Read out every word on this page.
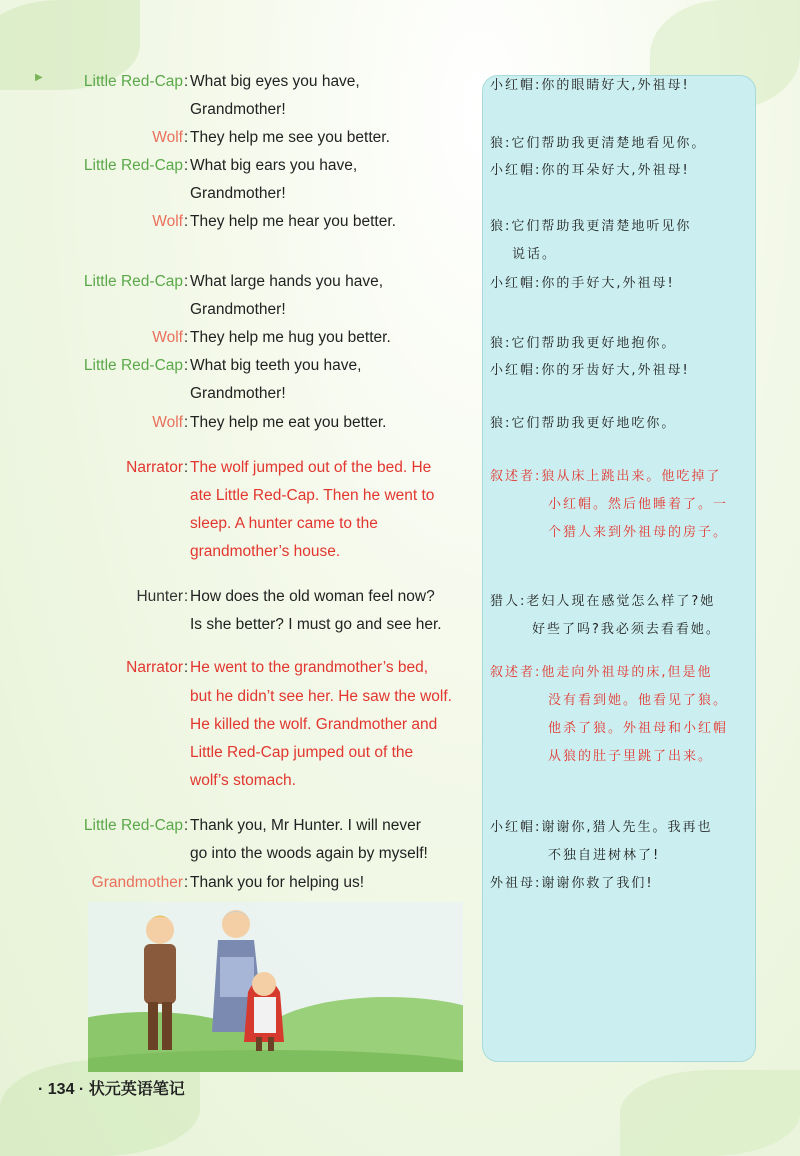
▶	Little Red-Cap : What big eyes you have,
Grandmother!
Wolf : They help me see you better.
Little Red-Cap : What big ears you have,
Grandmother!
Wolf : They help me hear you better.
Little Red-Cap : What large hands you have,
Grandmother!
Wolf : They help me hug you better.
Little Red-Cap : What big teeth you have,
Grandmother!
Wolf : They help me eat you better.
Narrator : The wolf jumped out of the bed. He
ate Little Red-Cap. Then he went to
sleep. A hunter came to the
grandmother’s house.
Hunter : How does the old woman feel now?
Is she better? I must go and see her.
Narrator : He went to the grandmother’s bed,
but he didn’t see her. He saw the wolf.
He killed the wolf. Grandmother and
Little Red-Cap jumped out of the
wolf’s stomach.
Little Red-Cap : Thank you, Mr Hunter. I will never
go into the woods again by myself!
Grandmother : Thank you for helping us!
小红帽:你的眼睛好大,外祖母!
狼:它们帮助我更清楚地看见你。
小红帽:你的耳朵好大,外祖母!
狼:它们帮助我更清楚地听见你
说话。
小红帽:你的手好大,外祖母!
狼:它们帮助我更好地抱你。
小红帽:你的牙齿好大,外祖母!
狼:它们帮助我更好地吃你。
叙述者:狼从床上跳出来。他吃掉了
小红帽。然后他睡着了。一
个猎人来到外祖母的房子。
猎人:老妇人现在感觉怎么样了?她
好些了吗?我必须去看看她。
叙述者:他走向外祖母的床,但是他
没有看到她。他看见了狼。
他杀了狼。外祖母和小红帽
从狼的肚子里跳了出来。
小红帽:谢谢你,猎人先生。我再也
不独自进树林了!
外祖母:谢谢你救了我们!
· 134 · 状元英语笔记
